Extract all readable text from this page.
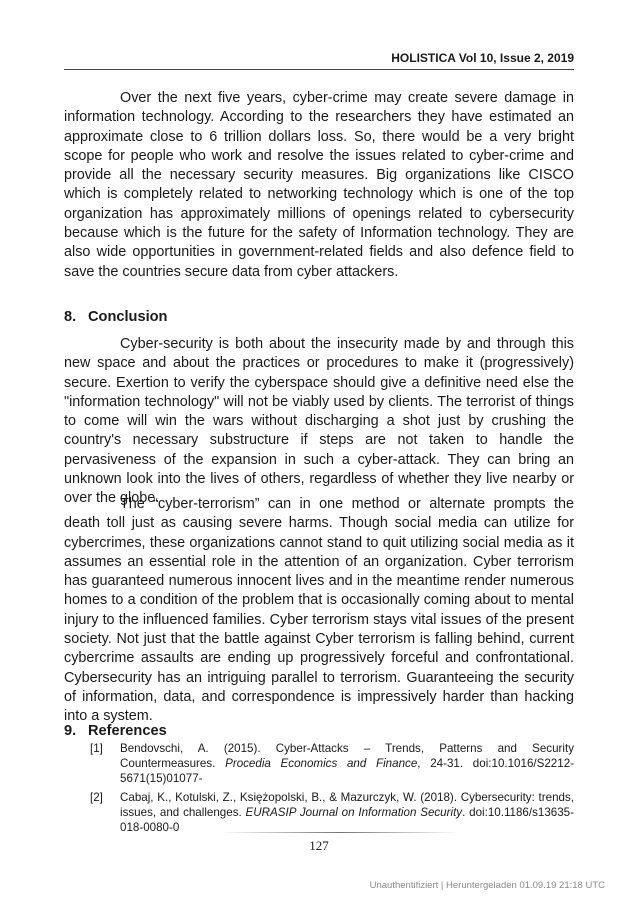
HOLISTICA Vol 10, Issue 2, 2019

Over the next five years, cyber-crime may create severe damage in information technology. According to the researchers they have estimated an approximate close to 6 trillion dollars loss. So, there would be a very bright scope for people who work and resolve the issues related to cyber-crime and provide all the necessary security measures. Big organizations like CISCO which is completely related to networking technology which is one of the top organization has approximately millions of openings related to cybersecurity because which is the future for the safety of Information technology. They are also wide opportunities in government-related fields and also defence field to save the countries secure data from cyber attackers.

8. Conclusion

Cyber-security is both about the insecurity made by and through this new space and about the practices or procedures to make it (progressively) secure. Exertion to verify the cyberspace should give a definitive need else the "information technology" will not be viably used by clients. The terrorist of things to come will win the wars without discharging a shot just by crushing the country's necessary substructure if steps are not taken to handle the pervasiveness of the expansion in such a cyber-attack. They can bring an unknown look into the lives of others, regardless of whether they live nearby or over the globe.

The “cyber-terrorism” can in one method or alternate prompts the death toll just as causing severe harms. Though social media can utilize for cybercrimes, these organizations cannot stand to quit utilizing social media as it assumes an essential role in the attention of an organization. Cyber terrorism has guaranteed numerous innocent lives and in the meantime render numerous homes to a condition of the problem that is occasionally coming about to mental injury to the influenced families. Cyber terrorism stays vital issues of the present society. Not just that the battle against Cyber terrorism is falling behind, current cybercrime assaults are ending up progressively forceful and confrontational. Cybersecurity has an intriguing parallel to terrorism. Guaranteeing the security of information, data, and correspondence is impressively harder than hacking into a system.

9. References
[1] Bendovschi, A. (2015). Cyber-Attacks – Trends, Patterns and Security Countermeasures. Procedia Economics and Finance, 24-31. doi:10.1016/S2212-5671(15)01077-
[2] Cabaj, K., Kotulski, Z., Księżopolski, B., & Mazurczyk, W. (2018). Cybersecurity: trends, issues, and challenges. EURASIP Journal on Information Security. doi:10.1186/s13635-018-0080-0
127
Unauthentifiziert | Heruntergeladen 01.09.19 21:18 UTC
